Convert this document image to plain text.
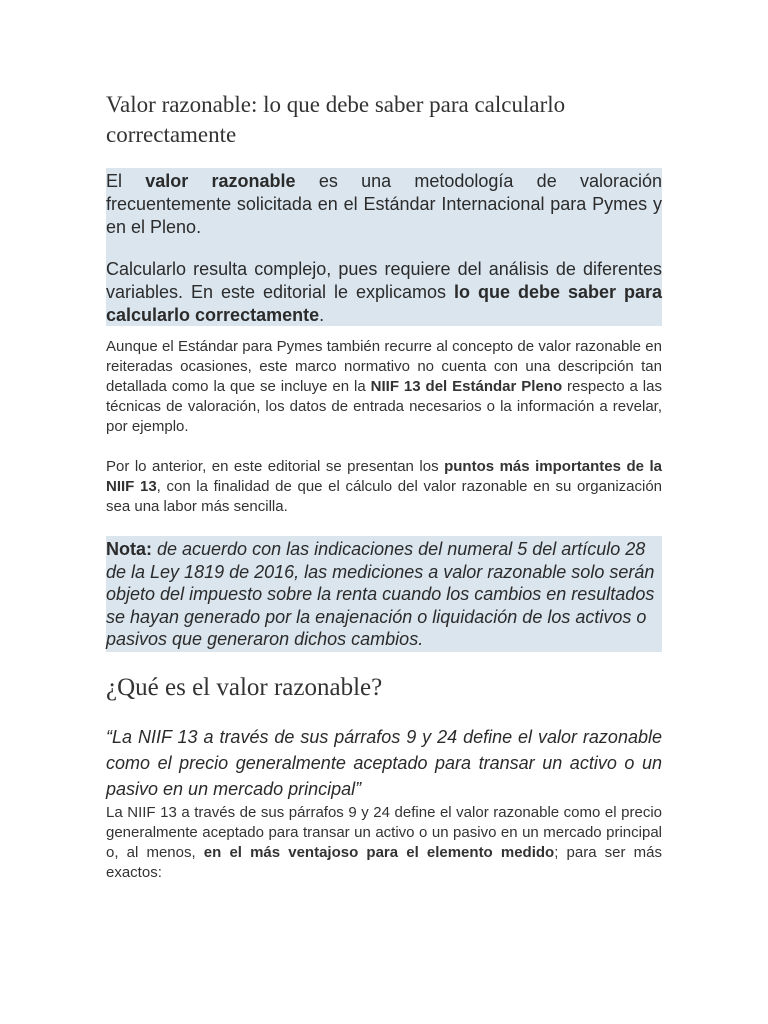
Valor razonable: lo que debe saber para calcularlo correctamente

El valor razonable es una metodología de valoración frecuentemente solicitada en el Estándar Internacional para Pymes y en el Pleno.

Calcularlo resulta complejo, pues requiere del análisis de diferentes variables. En este editorial le explicamos lo que debe saber para calcularlo correctamente.

Aunque el Estándar para Pymes también recurre al concepto de valor razonable en reiteradas ocasiones, este marco normativo no cuenta con una descripción tan detallada como la que se incluye en la NIIF 13 del Estándar Pleno respecto a las técnicas de valoración, los datos de entrada necesarios o la información a revelar, por ejemplo.

Por lo anterior, en este editorial se presentan los puntos más importantes de la NIIF 13, con la finalidad de que el cálculo del valor razonable en su organización sea una labor más sencilla.

Nota: de acuerdo con las indicaciones del numeral 5 del artículo 28 de la Ley 1819 de 2016, las mediciones a valor razonable solo serán objeto del impuesto sobre la renta cuando los cambios en resultados se hayan generado por la enajenación o liquidación de los activos o pasivos que generaron dichos cambios.

¿Qué es el valor razonable?

“La NIIF 13 a través de sus párrafos 9 y 24 define el valor razonable como el precio generalmente aceptado para transar un activo o un pasivo en un mercado principal”

La NIIF 13 a través de sus párrafos 9 y 24 define el valor razonable como el precio generalmente aceptado para transar un activo o un pasivo en un mercado principal o, al menos, en el más ventajoso para el elemento medido; para ser más exactos:
